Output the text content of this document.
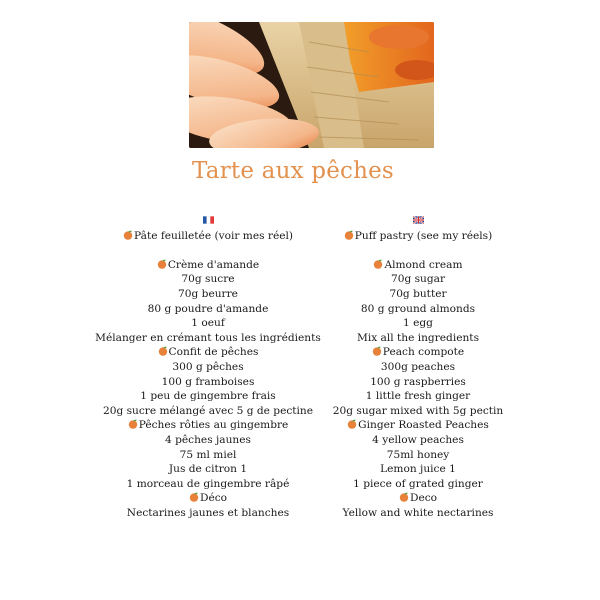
Tarte aux pêches
Pâte feuilletée (voir mes réel)
Crème d'amande
70g sucre
70g beurre
80 g poudre d'amande
1 oeuf
Mélanger en crémant tous les ingrédients
Confit de pêches
300 g pêches
100 g framboises
1 peu de gingembre frais
20g sucre mélangé avec 5 g de pectine
Pêches rôties au gingembre
4 pêches jaunes
75 ml miel
Jus de citron 1
1 morceau de gingembre râpé
Déco
Nectarines jaunes et blanches
Puff pastry (see my réels)
Almond cream
70g sugar
70g butter
80 g ground almonds
1 egg
Mix all the ingredients
Peach compote
300g peaches
100 g raspberries
1 little fresh ginger
20g sugar mixed with 5g pectin
Ginger Roasted Peaches
4 yellow peaches
75ml honey
Lemon juice 1
1 piece of grated ginger
Deco
Yellow and white nectarines
